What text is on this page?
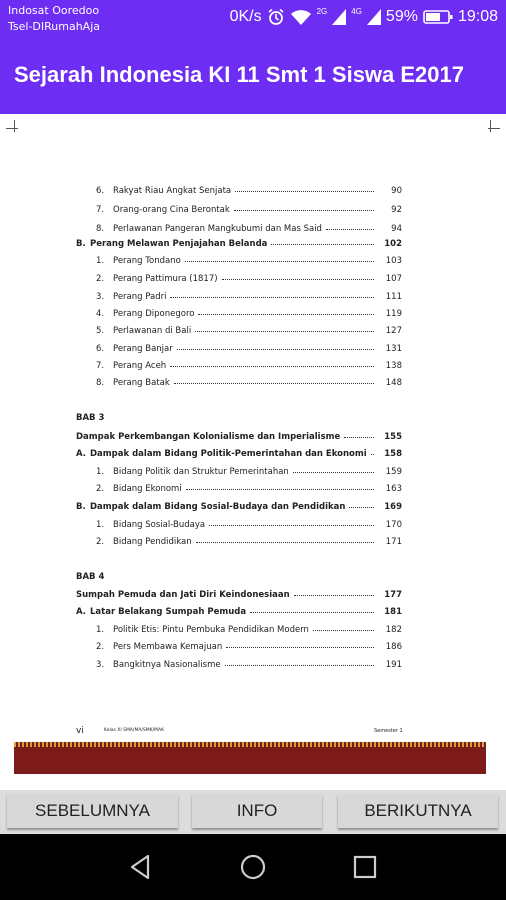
Indosat Ooredoo
Tsel-DIRumahAja
0K/s	2G	4G 59%	19:08
Sejarah Indonesia KI 11 Smt 1 Siswa E2017
6. Rakyat Riau Angkat Senjata	90
7. Orang-orang Cina Berontak	92
8. Perlawanan Pangeran Mangkubumi dan Mas Said	94
B. Perang Melawan Penjajahan Belanda	102
1. Perang Tondano	103
2. Perang Pattimura (1817)	107
3. Perang Padri	111
4. Perang Diponegoro	119
5. Perlawanan di Bali	127
6. Perang Banjar	131
7. Perang Aceh	138
8. Perang Batak	148
BAB 3
Dampak Perkembangan Kolonialisme dan Imperialisme	155
A. Dampak dalam Bidang Politik-Pemerintahan dan Ekonomi	158
1. Bidang Politik dan Struktur Pemerintahan	159
2. Bidang Ekonomi	163
B. Dampak dalam Bidang Sosial-Budaya dan Pendidikan	169
1. Bidang Sosial-Budaya	170
2. Bidang Pendidikan	171
BAB 4
Sumpah Pemuda dan Jati Diri Keindonesiaan	177
A. Latar Belakang Sumpah Pemuda	181
1. Politik Etis: Pintu Pembuka Pendidikan Modern	182
2. Pers Membawa Kemajuan	186
3. Bangkitnya Nasionalisme	191
vi	Kelas XI SMA/MA/SMK/MAK	Semester 1
SEBELUMNYA	INFO	BERIKUTNYA
